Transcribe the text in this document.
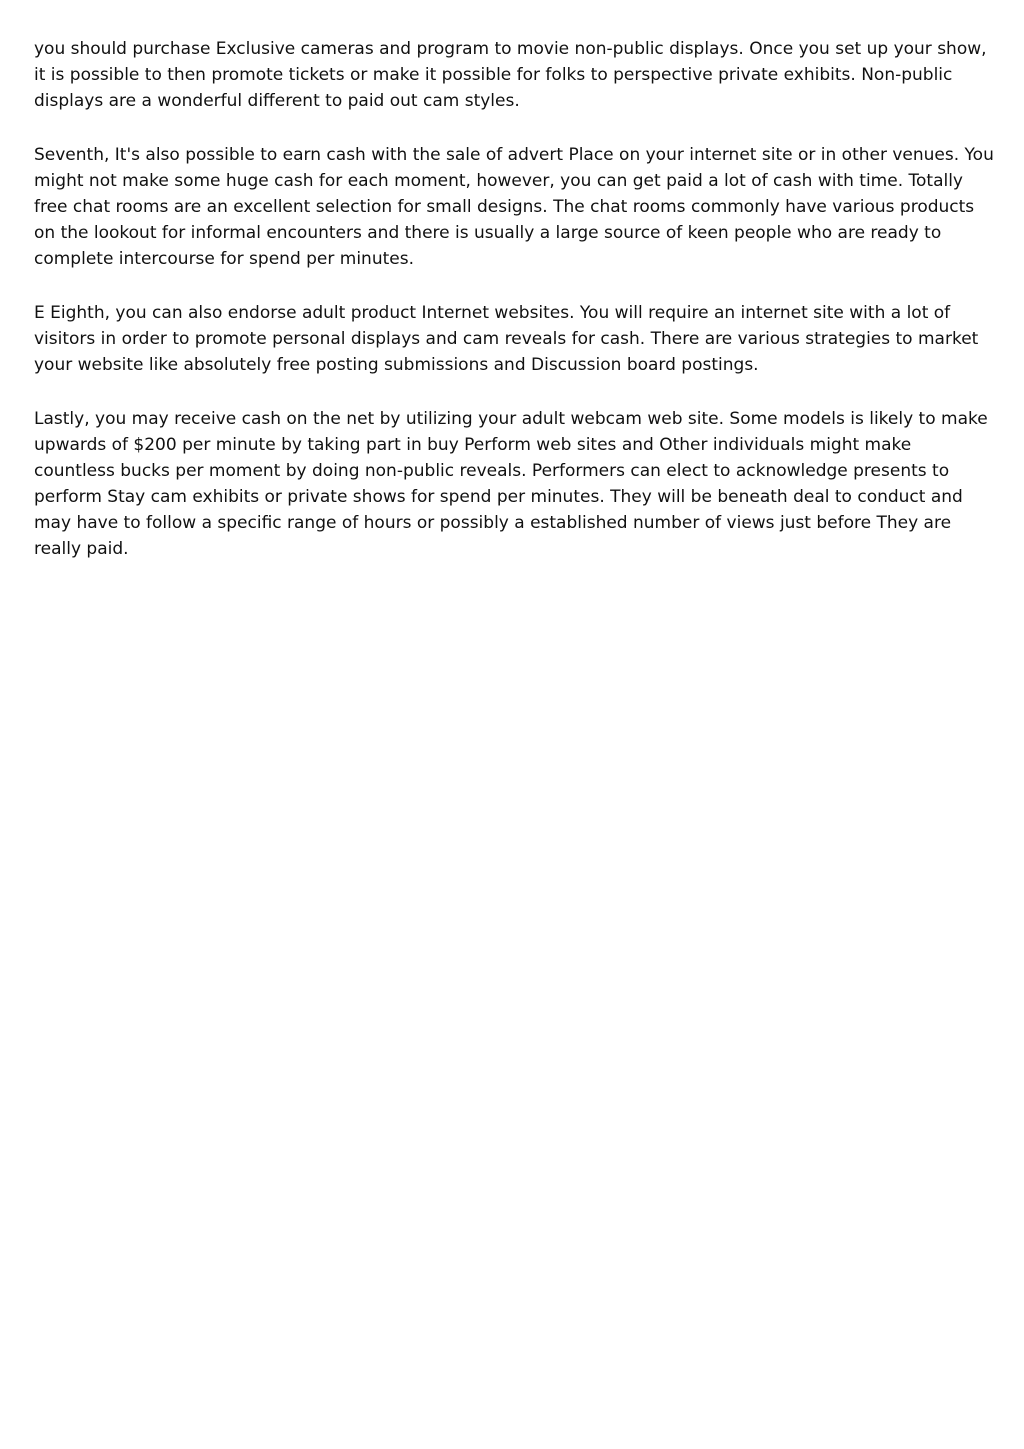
you should purchase Exclusive cameras and program to movie non-public displays. Once you set up your show, it is possible to then promote tickets or make it possible for folks to perspective private exhibits. Non-public displays are a wonderful different to paid out cam styles.

Seventh, It's also possible to earn cash with the sale of advert Place on your internet site or in other venues. You might not make some huge cash for each moment, however, you can get paid a lot of cash with time. Totally free chat rooms are an excellent selection for small designs. The chat rooms commonly have various products on the lookout for informal encounters and there is usually a large source of keen people who are ready to complete intercourse for spend per minutes.

E Eighth, you can also endorse adult product Internet websites. You will require an internet site with a lot of visitors in order to promote personal displays and cam reveals for cash. There are various strategies to market your website like absolutely free posting submissions and Discussion board postings.

Lastly, you may receive cash on the net by utilizing your adult webcam web site. Some models is likely to make upwards of $200 per minute by taking part in buy Perform web sites and Other individuals might make countless bucks per moment by doing non-public reveals. Performers can elect to acknowledge presents to perform Stay cam exhibits or private shows for spend per minutes. They will be beneath deal to conduct and may have to follow a specific range of hours or possibly a established number of views just before They are really paid.
